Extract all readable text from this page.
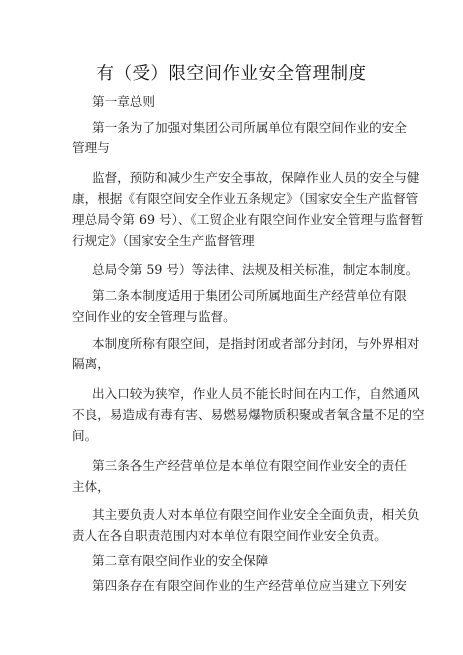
有（受）限空间作业安全管理制度
第一章总则
第一条为了加强对集团公司所属单位有限空间作业的安全
管理与
监督，预防和减少生产安全事故，保障作业人员的安全与健
康，根据《有限空间安全作业五条规定》（国家安全生产监督管
理总局令第 69 号）、《工贸企业有限空间作业安全管理与监督暂
行规定》（国家安全生产监督管理
总局令第 59 号）等法律、法规及相关标准，制定本制度。
第二条本制度适用于集团公司所属地面生产经营单位有限
空间作业的安全管理与监督。
本制度所称有限空间，是指封闭或者部分封闭，与外界相对
隔离，
出入口较为狭窄，作业人员不能长时间在内工作，自然通风
不良，易造成有毒有害、易燃易爆物质积聚或者氧含量不足的空
间。
第三条各生产经营单位是本单位有限空间作业安全的责任
主体，
其主要负责人对本单位有限空间作业安全全面负责，相关负
责人在各自职责范围内对本单位有限空间作业安全负责。
第二章有限空间作业的安全保障
第四条存在有限空间作业的生产经营单位应当建立下列安
